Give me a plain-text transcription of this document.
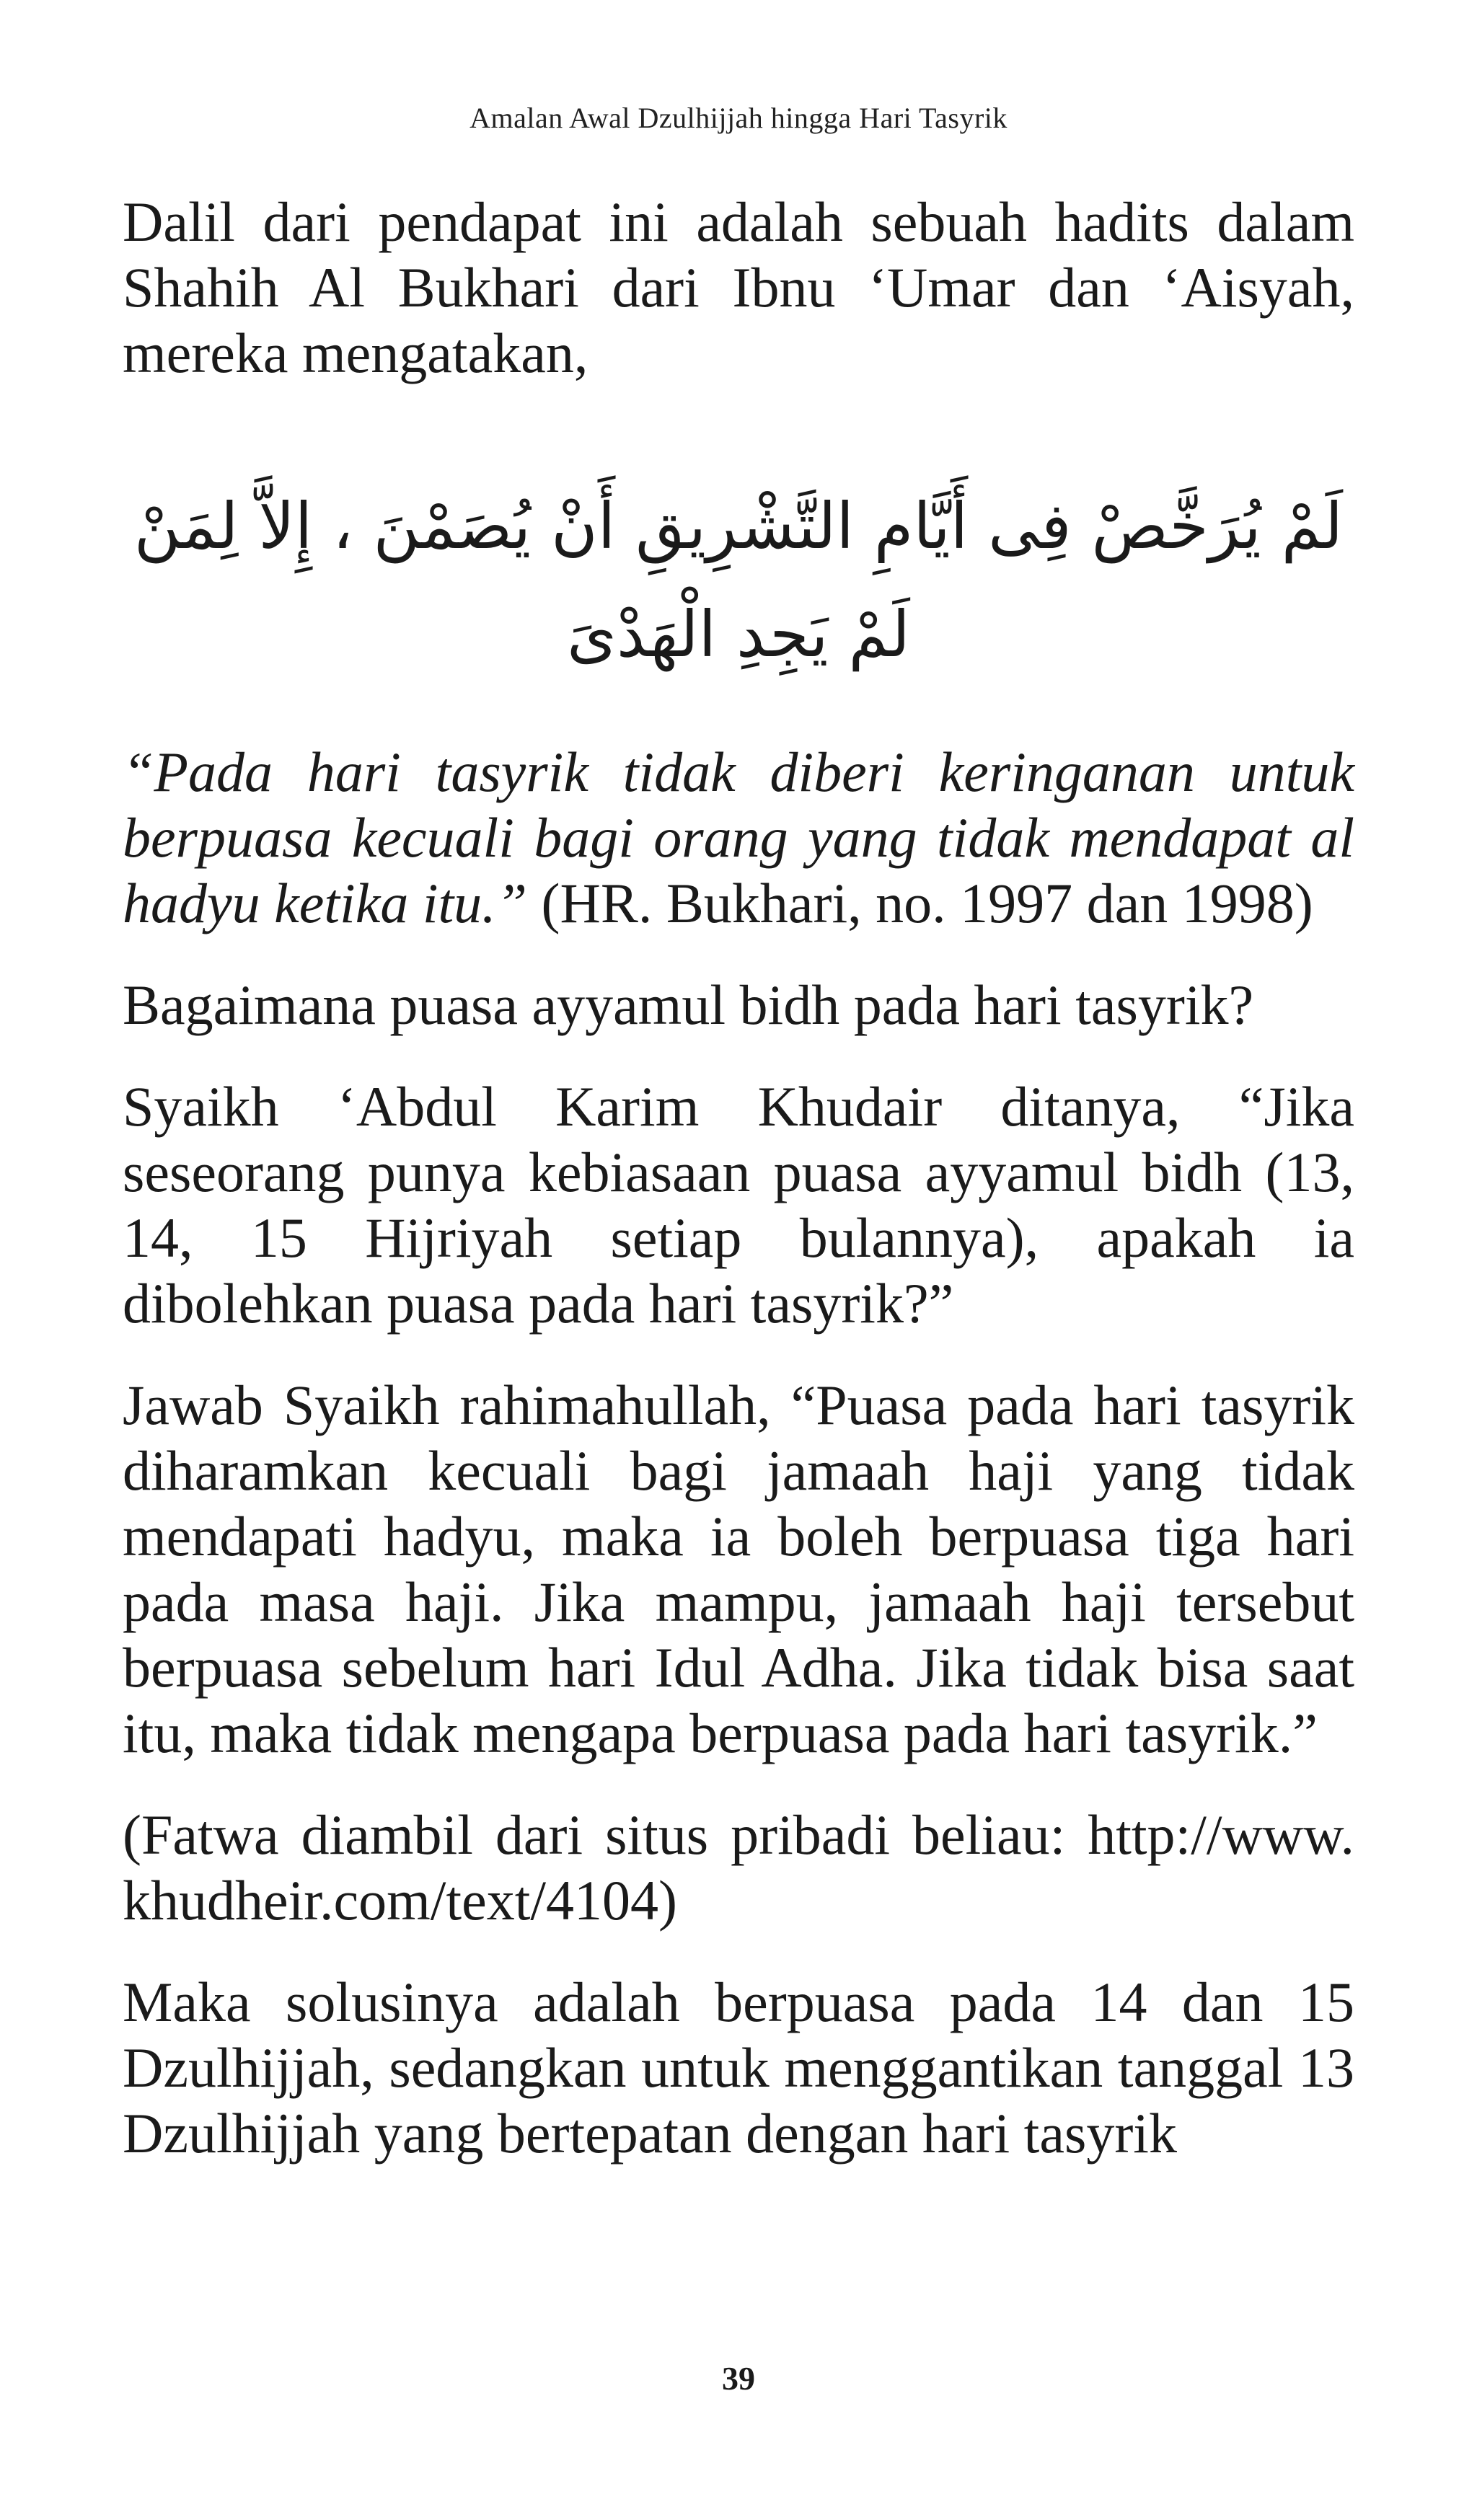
Amalan Awal Dzulhijjah hingga Hari Tasyrik

Dalil dari pendapat ini adalah sebuah hadits dalam Shahih Al Bukhari dari Ibnu ‘Umar dan ‘Aisyah, mereka mengatakan,

لَمْ يُرَخَّصْ فِى أَيَّامِ التَّشْرِيقِ أَنْ يُصَمْنَ ، إِلاَّ لِمَنْ لَمْ يَجِدِ الْهَدْىَ

“Pada hari tasyrik tidak diberi keringanan untuk berpuasa kecuali bagi orang yang tidak mendapat al hadyu ketika itu.” (HR. Bukhari, no. 1997 dan 1998)

Bagaimana puasa ayyamul bidh pada hari tasyrik?

Syaikh ‘Abdul Karim Khudair ditanya, “Jika seseorang punya kebiasaan puasa ayyamul bidh (13, 14, 15 Hijriyah setiap bulannya), apakah ia dibolehkan puasa pada hari tasyrik?”

Jawab Syaikh rahimahullah, “Puasa pada hari tasyrik diharamkan kecuali bagi jamaah haji yang tidak mendapati hadyu, maka ia boleh berpuasa tiga hari pada masa haji. Jika mampu, jamaah haji tersebut berpuasa sebelum hari Idul Adha. Jika tidak bisa saat itu, maka tidak mengapa berpuasa pada hari tasyrik.”

(Fatwa diambil dari situs pribadi beliau: http://www. khudheir.com/text/4104)

Maka solusinya adalah berpuasa pada 14 dan 15 Dzulhijjah, sedangkan untuk menggantikan tanggal 13 Dzulhijjah yang bertepatan dengan hari tasyrik

39
